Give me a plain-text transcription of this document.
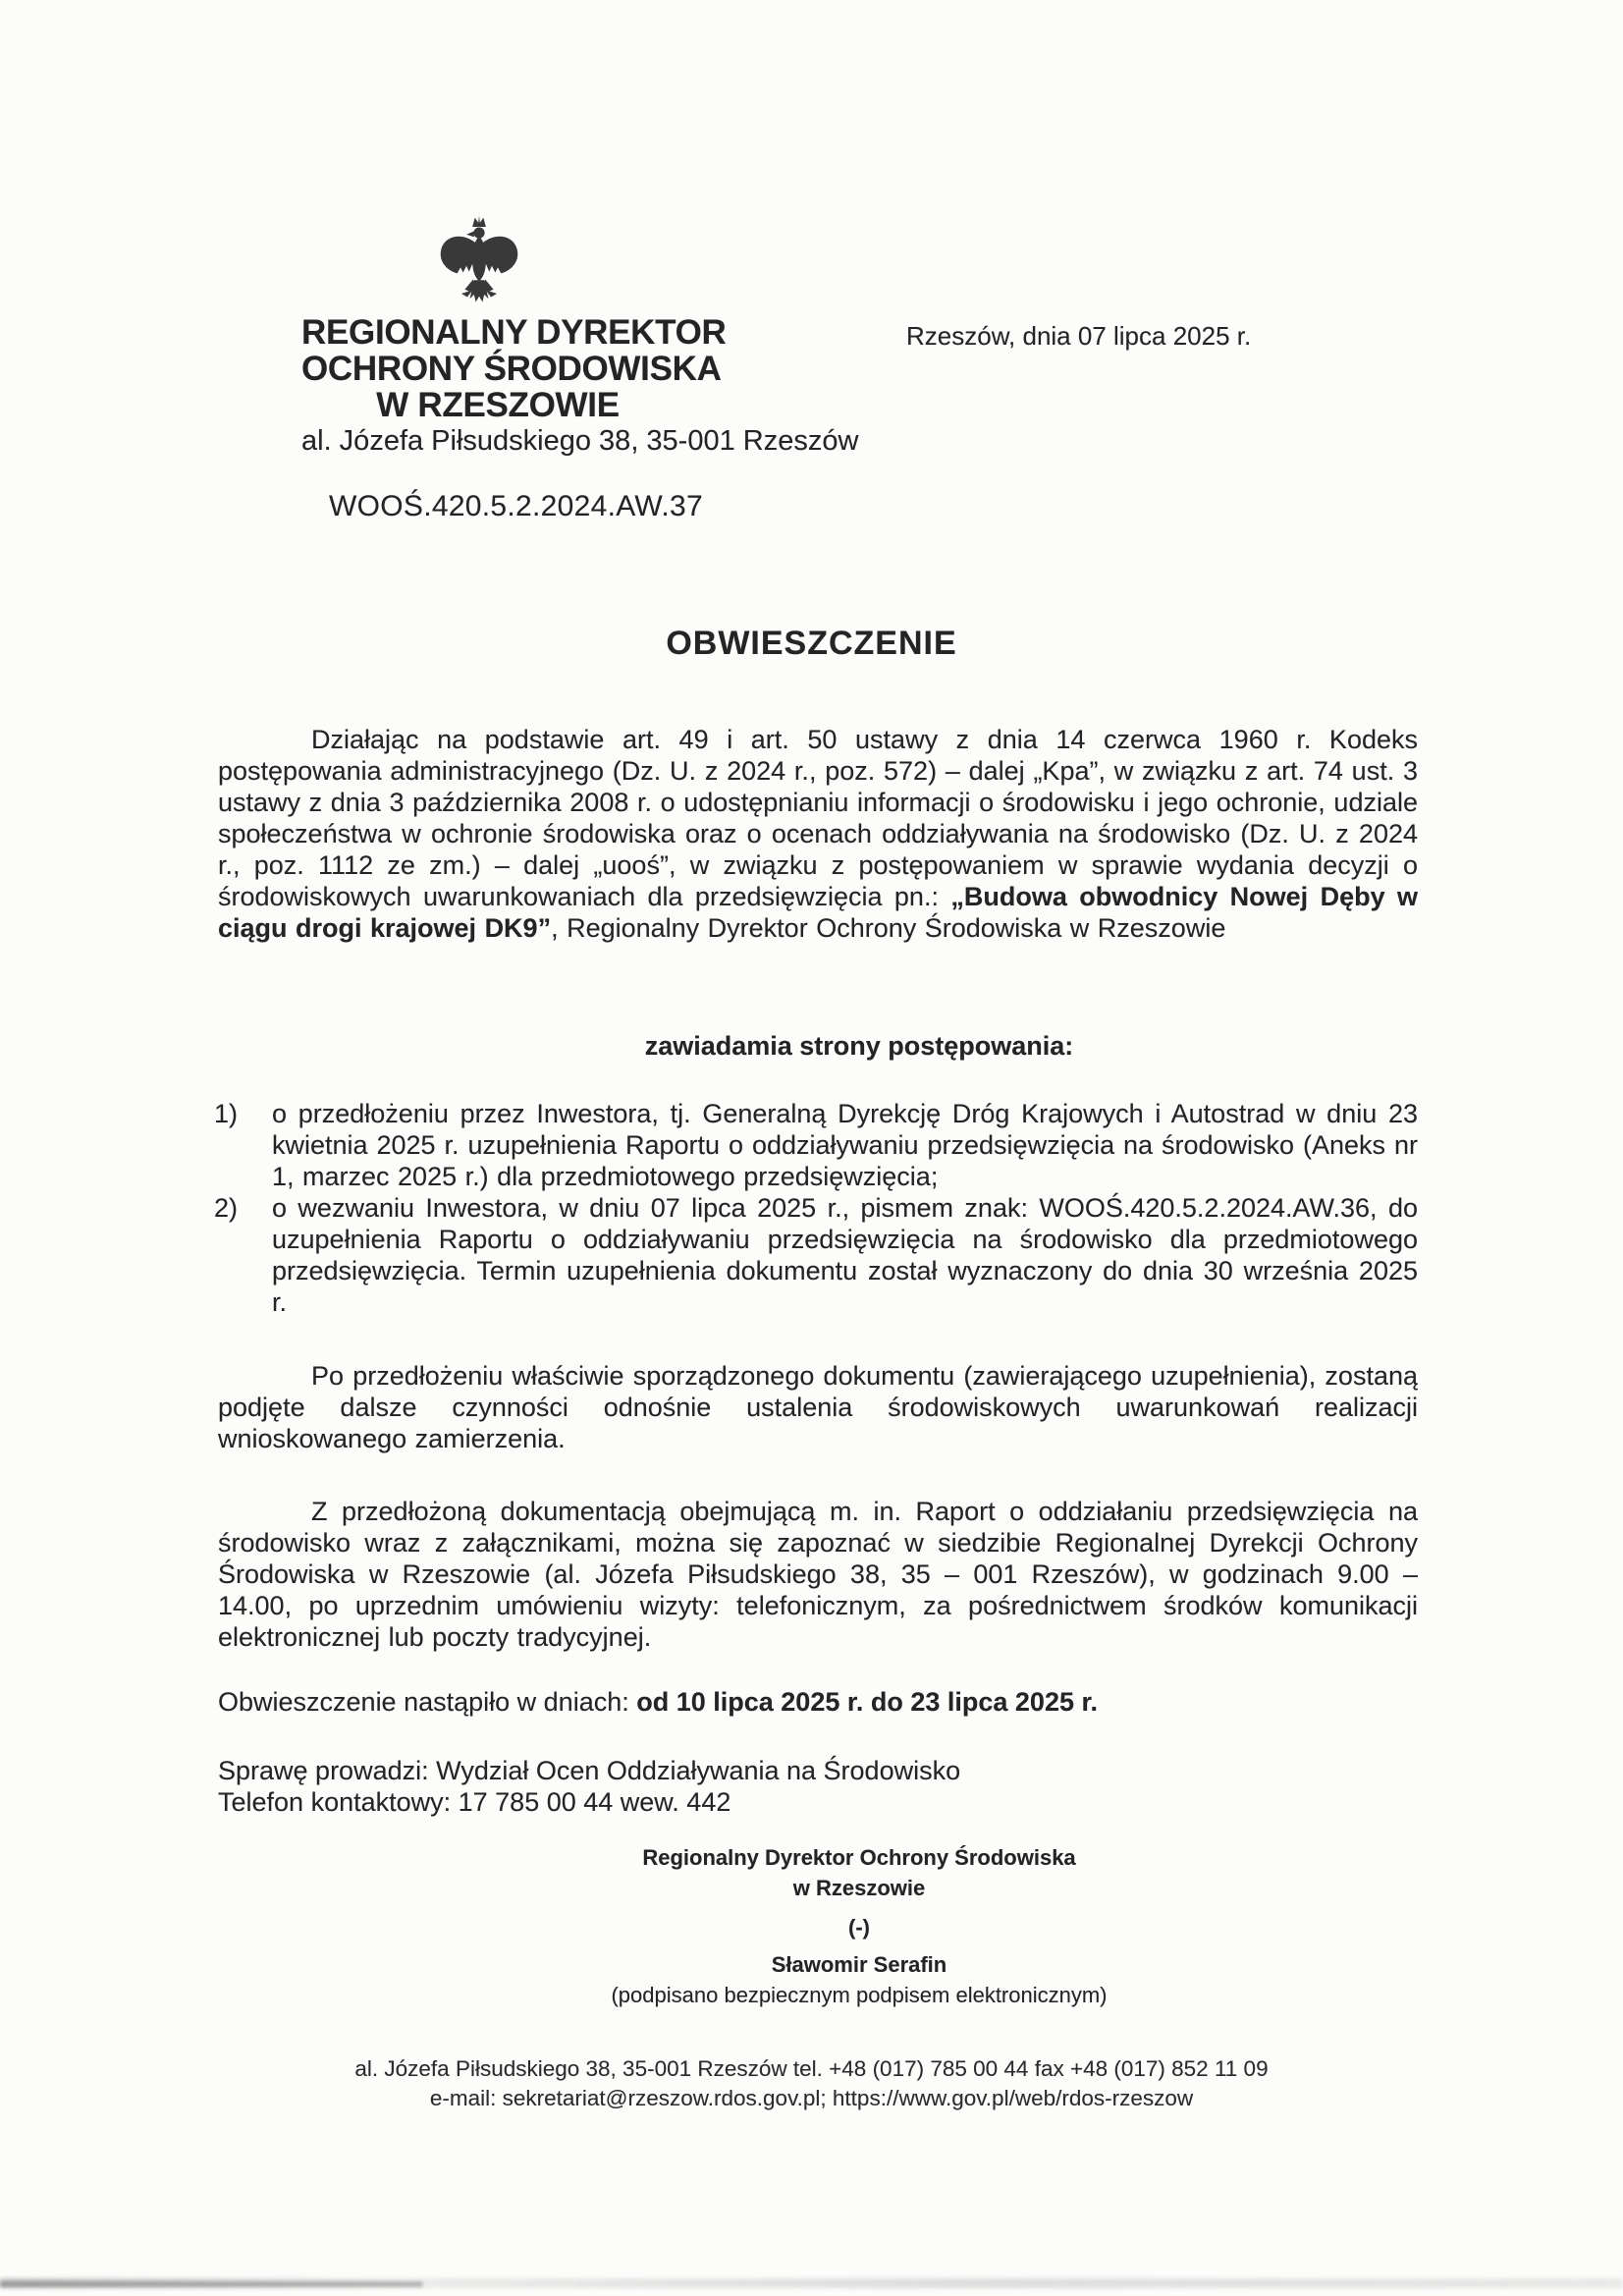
REGIONALNY DYREKTOR
OCHRONY ŚRODOWISKA
W RZESZOWIE
al. Józefa Piłsudskiego 38, 35-001 Rzeszów
Rzeszów, dnia 07 lipca 2025 r.
WOOŚ.420.5.2.2024.AW.37
OBWIESZCZENIE

Działając na podstawie art. 49 i art. 50 ustawy z dnia 14 czerwca 1960 r. Kodeks postępowania administracyjnego (Dz. U. z 2024 r., poz. 572) – dalej „Kpa”, w związku z art. 74 ust. 3 ustawy z dnia 3 października 2008 r. o udostępnianiu informacji o środowisku i jego ochronie, udziale społeczeństwa w ochronie środowiska oraz o ocenach oddziaływania na środowisko (Dz. U. z 2024 r., poz. 1112 ze zm.) – dalej „uooś”, w związku z postępowaniem w sprawie wydania decyzji o środowiskowych uwarunkowaniach dla przedsięwzięcia pn.: „Budowa obwodnicy Nowej Dęby w ciągu drogi krajowej DK9”, Regionalny Dyrektor Ochrony Środowiska w Rzeszowie

zawiadamia strony postępowania:
1) o przedłożeniu przez Inwestora, tj. Generalną Dyrekcję Dróg Krajowych i Autostrad w dniu 23 kwietnia 2025 r. uzupełnienia Raportu o oddziaływaniu przedsięwzięcia na środowisko (Aneks nr 1, marzec 2025 r.) dla przedmiotowego przedsięwzięcia;
2) o wezwaniu Inwestora, w dniu 07 lipca 2025 r., pismem znak: WOOŚ.420.5.2.2024.AW.36, do uzupełnienia Raportu o oddziaływaniu przedsięwzięcia na środowisko dla przedmiotowego przedsięwzięcia. Termin uzupełnienia dokumentu został wyznaczony do dnia 30 września 2025 r.

Po przedłożeniu właściwie sporządzonego dokumentu (zawierającego uzupełnienia), zostaną podjęte dalsze czynności odnośnie ustalenia środowiskowych uwarunkowań realizacji wnioskowanego zamierzenia.

Z przedłożoną dokumentacją obejmującą m. in. Raport o oddziałaniu przedsięwzięcia na środowisko wraz z załącznikami, można się zapoznać w siedzibie Regionalnej Dyrekcji Ochrony Środowiska w Rzeszowie (al. Józefa Piłsudskiego 38, 35 – 001 Rzeszów), w godzinach 9.00 – 14.00, po uprzednim umówieniu wizyty: telefonicznym, za pośrednictwem środków komunikacji elektronicznej lub poczty tradycyjnej.

Obwieszczenie nastąpiło w dniach: od 10 lipca 2025 r. do 23 lipca 2025 r.

Sprawę prowadzi: Wydział Ocen Oddziaływania na Środowisko
Telefon kontaktowy: 17 785 00 44 wew. 442
Regionalny Dyrektor Ochrony Środowiska
w Rzeszowie
(-)
Sławomir Serafin
(podpisano bezpiecznym podpisem elektronicznym)
al. Józefa Piłsudskiego 38, 35-001 Rzeszów tel. +48 (017) 785 00 44 fax +48 (017) 852 11 09
e-mail: sekretariat@rzeszow.rdos.gov.pl; https://www.gov.pl/web/rdos-rzeszow
